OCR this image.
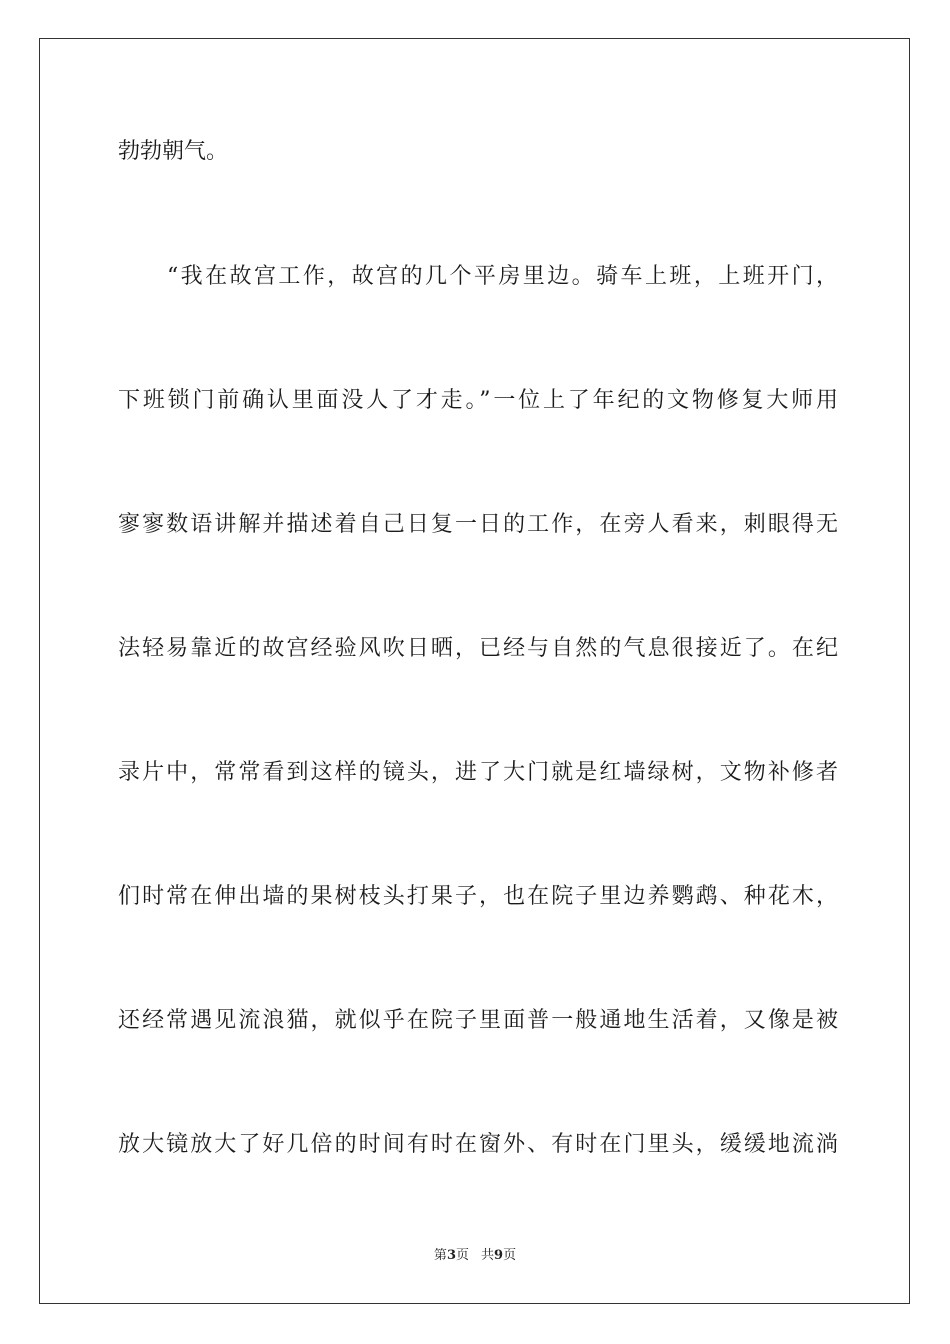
勃勃朝气。
“我在故宫工作，故宫的几个平房里边。骑车上班，上班开门，
下班锁门前确认里面没人了才走。”一位上了年纪的文物修复大师用
寥寥数语讲解并描述着自己日复一日的工作，在旁人看来，刺眼得无
法轻易靠近的故宫经验风吹日晒，已经与自然的气息很接近了。在纪
录片中，常常看到这样的镜头，进了大门就是红墙绿树，文物补修者
们时常在伸出墙的果树枝头打果子，也在院子里边养鹦鹉、种花木，
还经常遇见流浪猫，就似乎在院子里面普一般通地生活着，又像是被
放大镜放大了好几倍的时间有时在窗外、有时在门里头，缓缓地流淌
第3页 共9页
